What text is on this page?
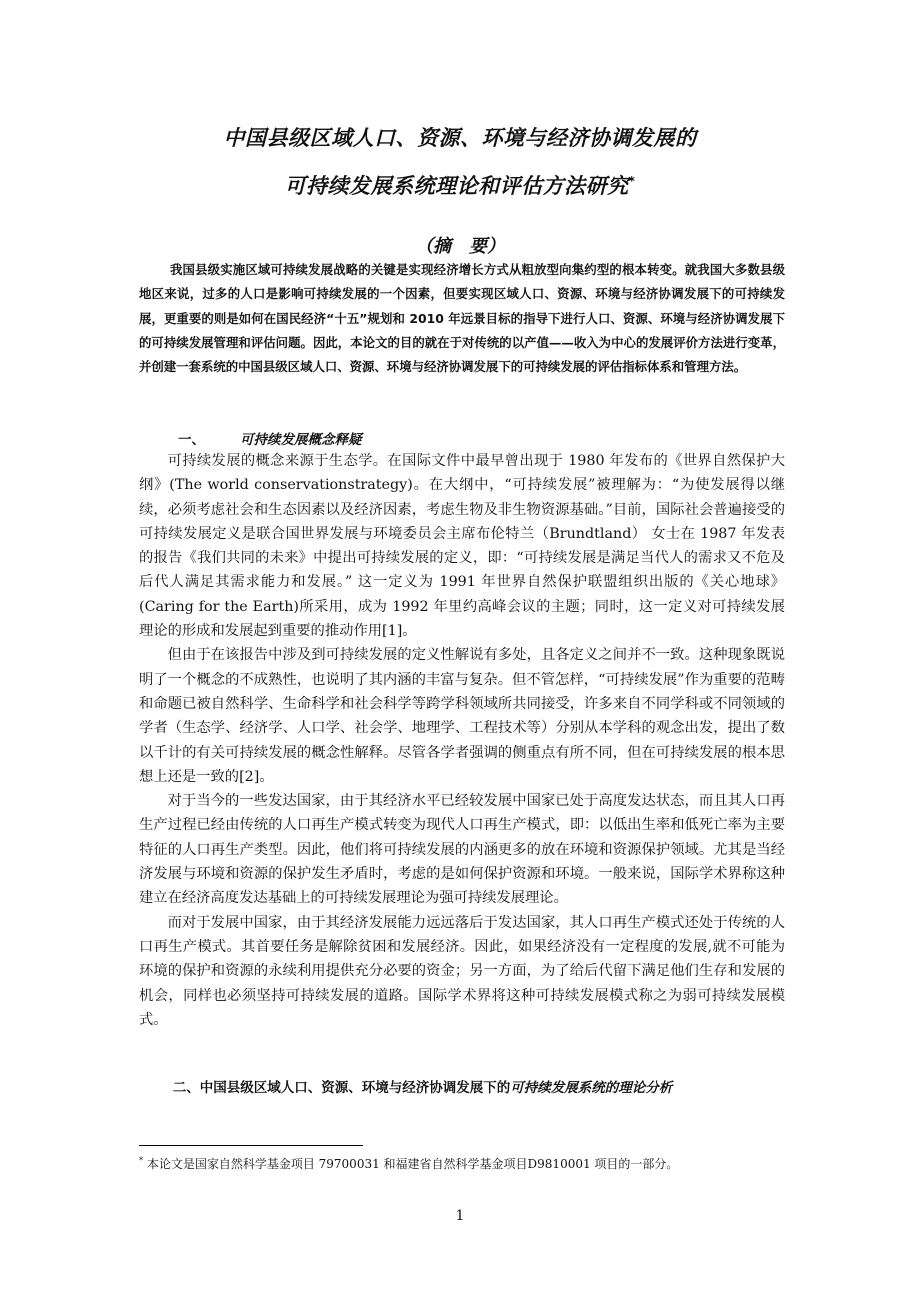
中国县级区域人口、资源、环境与经济协调发展的
可持续发展系统理论和评估方法研究*
（摘　要）

我国县级实施区域可持续发展战略的关键是实现经济增长方式从粗放型向集约型的根本转变。就我国大多数县级地区来说，过多的人口是影响可持续发展的一个因素，但要实现区域人口、资源、环境与经济协调发展下的可持续发展，更重要的则是如何在国民经济“十五”规划和 2010 年远景目标的指导下进行人口、资源、环境与经济协调发展下的可持续发展管理和评估问题。因此，本论文的目的就在于对传统的以产值——收入为中心的发展评价方法进行变革，并创建一套系统的中国县级区域人口、资源、环境与经济协调发展下的可持续发展的评估指标体系和管理方法。

一、	可持续发展概念释疑

可持续发展的概念来源于生态学。在国际文件中最早曾出现于 1980 年发布的《世界自然保护大纲》(The world conservationstrategy)。在大纲中，“可持续发展”被理解为：“为使发展得以继续，必须考虑社会和生态因素以及经济因素，考虑生物及非生物资源基础。”目前，国际社会普遍接受的可持续发展定义是联合国世界发展与环境委员会主席布伦特兰（Brundtland） 女士在 1987 年发表的报告《我们共同的未来》中提出可持续发展的定义，即：“可持续发展是满足当代人的需求又不危及后代人满足其需求能力和发展。” 这一定义为 1991 年世界自然保护联盟组织出版的《关心地球》(Caring for the Earth)所采用，成为 1992 年里约高峰会议的主题；同时，这一定义对可持续发展理论的形成和发展起到重要的推动作用[1]。

但由于在该报告中涉及到可持续发展的定义性解说有多处，且各定义之间并不一致。这种现象既说明了一个概念的不成熟性，也说明了其内涵的丰富与复杂。但不管怎样，“可持续发展”作为重要的范畴和命题已被自然科学、生命科学和社会科学等跨学科领域所共同接受，许多来自不同学科或不同领域的学者（生态学、经济学、人口学、社会学、地理学、工程技术等）分别从本学科的观念出发，提出了数以千计的有关可持续发展的概念性解释。尽管各学者强调的侧重点有所不同，但在可持续发展的根本思想上还是一致的[2]。

对于当今的一些发达国家，由于其经济水平已经较发展中国家已处于高度发达状态，而且其人口再生产过程已经由传统的人口再生产模式转变为现代人口再生产模式，即：以低出生率和低死亡率为主要特征的人口再生产类型。因此，他们将可持续发展的内涵更多的放在环境和资源保护领域。尤其是当经济发展与环境和资源的保护发生矛盾时，考虑的是如何保护资源和环境。一般来说，国际学术界称这种建立在经济高度发达基础上的可持续发展理论为强可持续发展理论。

而对于发展中国家，由于其经济发展能力远远落后于发达国家，其人口再生产模式还处于传统的人口再生产模式。其首要任务是解除贫困和发展经济。因此，如果经济没有一定程度的发展,就不可能为环境的保护和资源的永续利用提供充分必要的资金；另一方面，为了给后代留下满足他们生存和发展的机会，同样也必须坚持可持续发展的道路。国际学术界将这种可持续发展模式称之为弱可持续发展模式。

二、中国县级区域人口、资源、环境与经济协调发展下的可持续发展系统的理论分析

* 本论文是国家自然科学基金项目 79700031 和福建省自然科学基金项目D9810001 项目的一部分。

1
